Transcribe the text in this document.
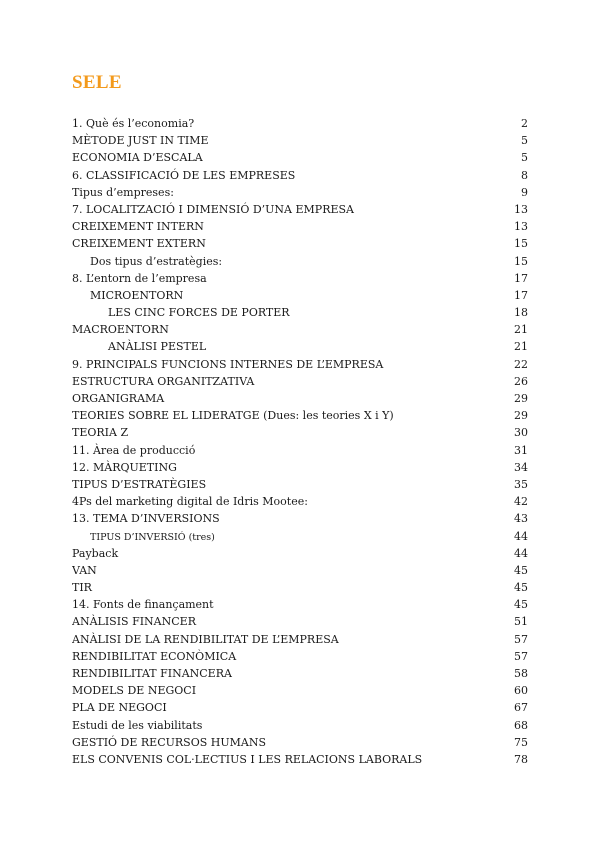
SELE
1. Què és l’economia?	2
MÈTODE JUST IN TIME	5
ECONOMIA D’ESCALA	5
6. CLASSIFICACIÓ DE LES EMPRESES	8
Tipus d’empreses:	9
7. LOCALITZACIÓ I DIMENSIÓ D’UNA EMPRESA	13
CREIXEMENT INTERN	13
CREIXEMENT EXTERN	15
Dos tipus d’estratègies:	15
8. L’entorn de l’empresa	17
MICROENTORN	17
LES CINC FORCES DE PORTER	18
MACROENTORN	21
ANÀLISI PESTEL	21
9. PRINCIPALS FUNCIONS INTERNES DE L’EMPRESA	22
ESTRUCTURA ORGANITZATIVA	26
ORGANIGRAMA	29
TEORIES SOBRE EL LIDERATGE (Dues: les teories X i Y)	29
TEORIA Z	30
11. Àrea de producció	31
12. MÀRQUETING	34
TIPUS D’ESTRATÈGIES	35
4Ps del marketing digital de Idris Mootee:	42
13. TEMA D’INVERSIONS	43
TIPUS D’INVERSIÓ (tres)	44
Payback	44
VAN	45
TIR	45
14. Fonts de finançament	45
ANÀLISIS FINANCER	51
ANÀLISI DE LA RENDIBILITAT DE L’EMPRESA	57
RENDIBILITAT ECONÒMICA	57
RENDIBILITAT FINANCERA	58
MODELS DE NEGOCI	60
PLA DE NEGOCI	67
Estudi de les viabilitats	68
GESTIÓ DE RECURSOS HUMANS	75
ELS CONVENIS COL·LECTIUS I LES RELACIONS LABORALS	78
